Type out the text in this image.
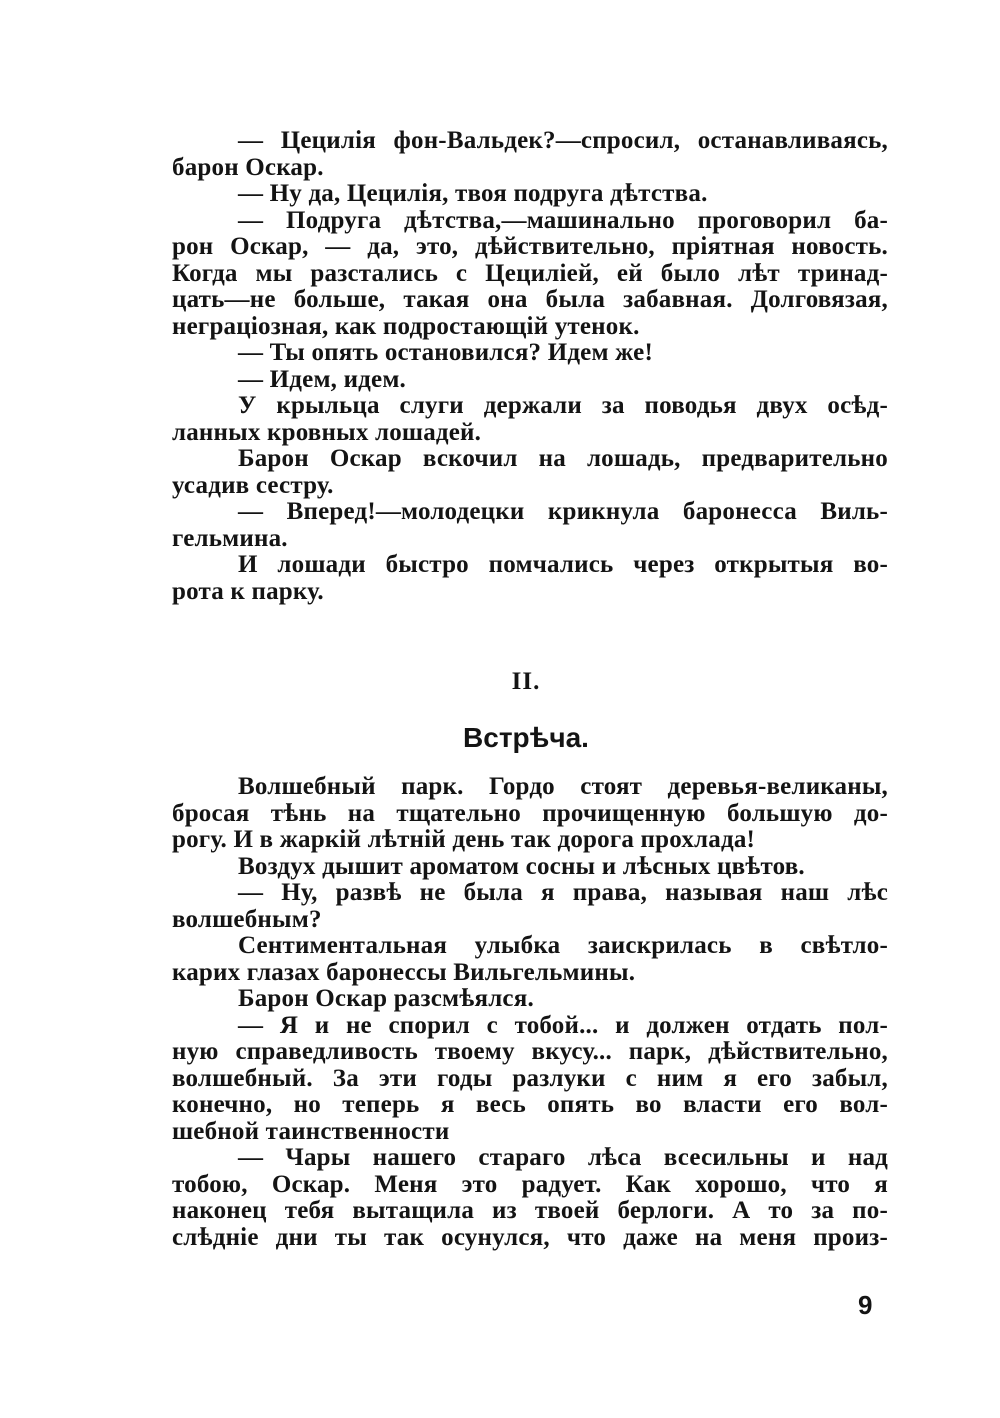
— Цецилія фон-Вальдек?—спросил, останавливаясь,
барон Оскар.
— Ну да, Цецилія, твоя подруга дѣтства.
— Подруга дѣтства,—машинально проговорил ба-
рон Оскар, — да, это, дѣйствительно, пріятная новость.
Когда мы разстались с Цецилiей, ей было лѣт тринад-
цать—не больше, такая она была забавная. Долговязая,
неграціозная, как подростающій утенок.
— Ты опять остановился? Идем же!
— Идем, идем.
У крыльца слуги держали за поводья двух осѣд-
ланных кровных лошадей.
Барон Оскар вскочил на лошадь, предварительно
усадив сестру.
— Вперед!—молодецки крикнула баронесса Виль-
гельмина.
И лошади быстро помчались через открытыя во-
рота к парку.
II.
Встрѣча.
Волшебный парк. Гордо стоят деревья-великаны,
бросая тѣнь на тщательно прочищенную большую до-
рогу. И в жаркій лѣтній день так дорога прохлада!
Воздух дышит ароматом сосны и лѣсных цвѣтов.
— Ну, развѣ не была я права, называя наш лѣс
волшебным?
Сентиментальная улыбка заискрилась в свѣтло-
карих глазах баронессы Вильгельмины.
Барон Оскар разсмѣялся.
— Я и не спорил с тобой... и должен отдать пол-
ную справедливость твоему вкусу... парк, дѣйствительно,
волшебный. За эти годы разлуки с ним я его забыл,
конечно, но теперь я весь опять во власти его вол-
шебной таинственности
— Чары нашего стараго лѣса всесильны и над
тобою, Оскар. Меня это радует. Как хорошо, что я
наконец тебя вытащила из твоей берлоги. А то за по-
слѣдніе дни ты так осунулся, что даже на меня произ-
9
